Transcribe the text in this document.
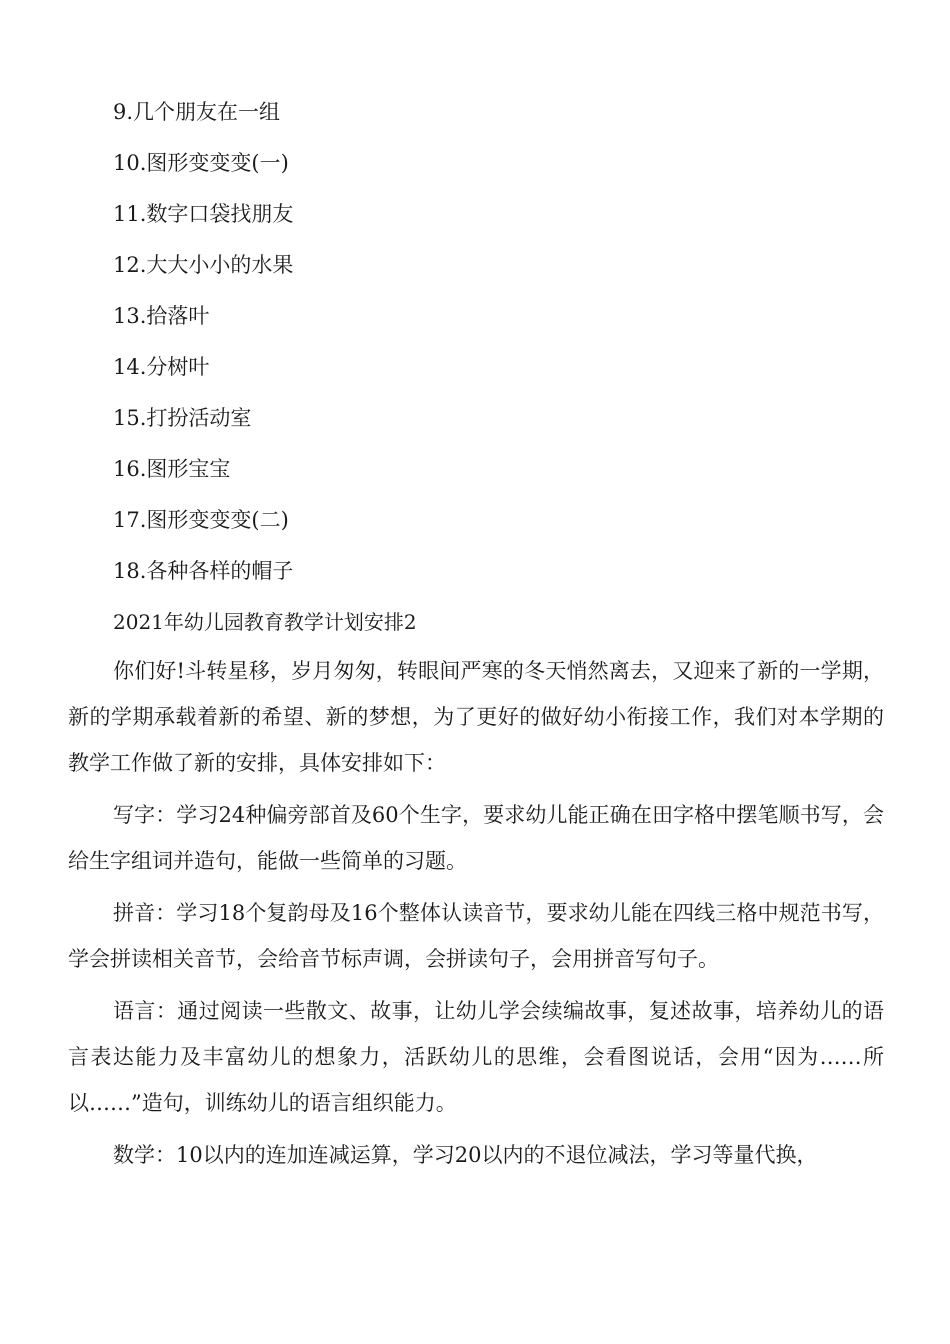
9.几个朋友在一组
10.图形变变变(一)
11.数字口袋找朋友
12.大大小小的水果
13.拾落叶
14.分树叶
15.打扮活动室
16.图形宝宝
17.图形变变变(二)
18.各种各样的帽子
2021年幼儿园教育教学计划安排2

你们好!斗转星移，岁月匆匆，转眼间严寒的冬天悄然离去，又迎来了新的一学期，新的学期承载着新的希望、新的梦想，为了更好的做好幼小衔接工作，我们对本学期的教学工作做了新的安排，具体安排如下：

写字：学习24种偏旁部首及60个生字，要求幼儿能正确在田字格中摆笔顺书写，会给生字组词并造句，能做一些简单的习题。

拼音：学习18个复韵母及16个整体认读音节，要求幼儿能在四线三格中规范书写，学会拼读相关音节，会给音节标声调，会拼读句子，会用拼音写句子。

语言：通过阅读一些散文、故事，让幼儿学会续编故事，复述故事，培养幼儿的语言表达能力及丰富幼儿的想象力，活跃幼儿的思维，会看图说话，会用“因为……所以……”造句，训练幼儿的语言组织能力。

数学：10以内的连加连减运算，学习20以内的不退位减法，学习等量代换，
